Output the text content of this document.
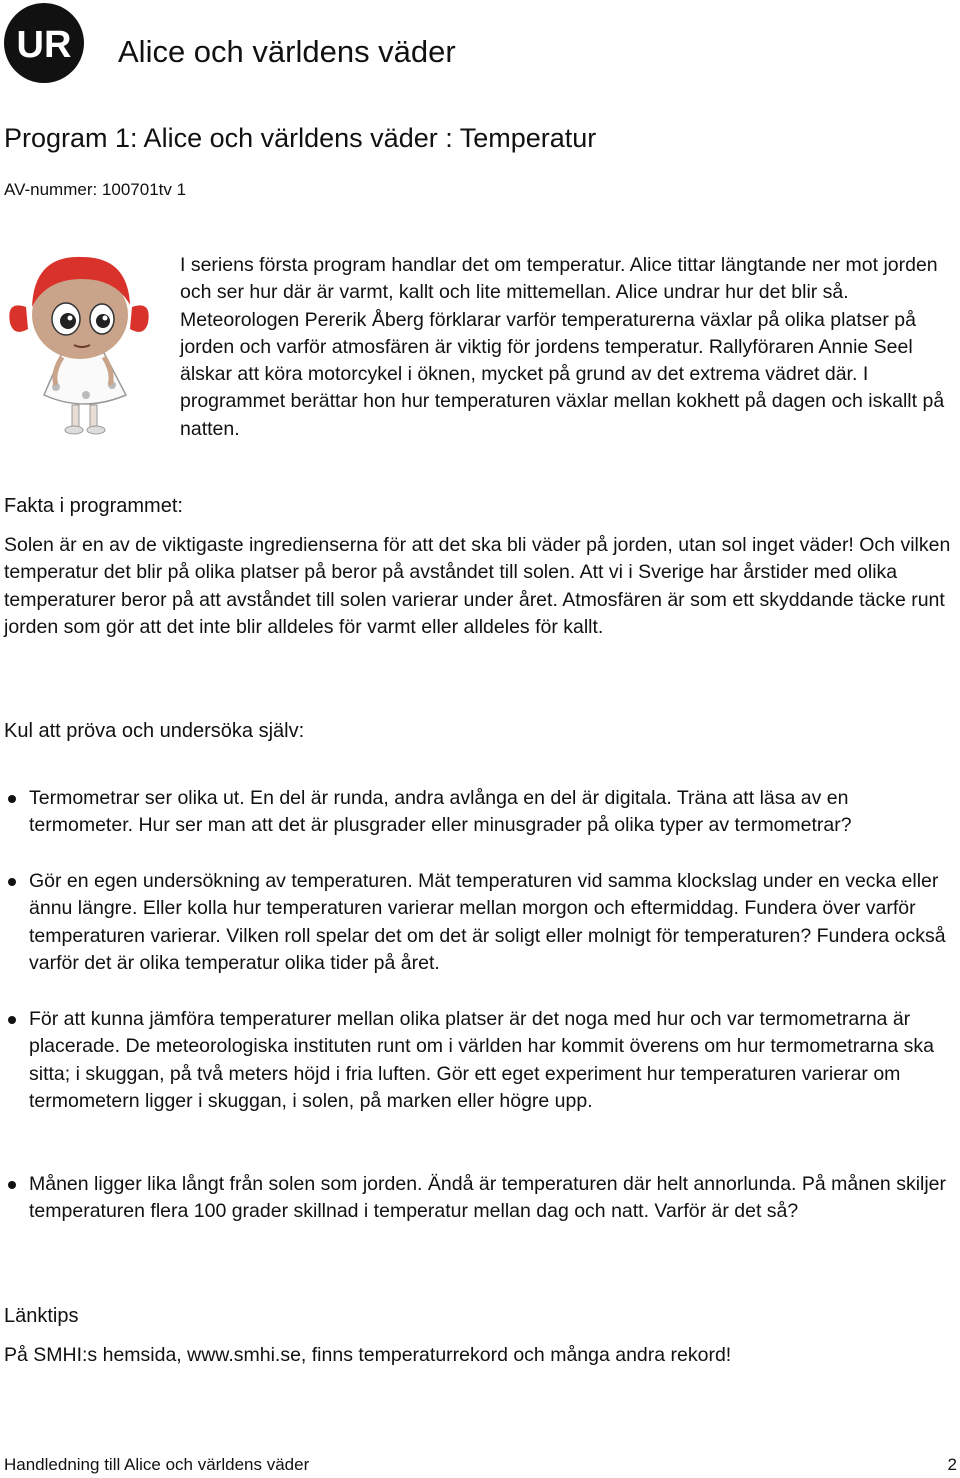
UR Alice och världens väder
Program 1: Alice och världens väder : Temperatur
AV-nummer: 100701tv 1

I seriens första program handlar det om temperatur. Alice tittar längtande ner mot jorden och ser hur där är varmt, kallt och lite mittemellan. Alice undrar hur det blir så. Meteorologen Pererik Åberg förklarar varför temperaturerna växlar på olika platser på jorden och varför atmosfären är viktig för jordens temperatur. Rallyföraren Annie Seel älskar att köra motorcykel i öknen, mycket på grund av det extrema vädret där. I programmet berättar hon hur temperaturen växlar mellan kokhett på dagen och iskallt på natten.

Fakta i programmet:

Solen är en av de viktigaste ingredienserna för att det ska bli väder på jorden, utan sol inget väder! Och vilken temperatur det blir på olika platser på beror på avståndet till solen. Att vi i Sverige har årstider med olika temperaturer beror på att avståndet till solen varierar under året. Atmosfären är som ett skyddande täcke runt jorden som gör att det inte blir alldeles för varmt eller alldeles för kallt.

Kul att pröva och undersöka själv:

Termometrar ser olika ut. En del är runda, andra avlånga en del är digitala. Träna att läsa av en termometer. Hur ser man att det är plusgrader eller minusgrader på olika typer av termometrar?

Gör en egen undersökning av temperaturen. Mät temperaturen vid samma klockslag under en vecka eller ännu längre. Eller kolla hur temperaturen varierar mellan morgon och eftermiddag. Fundera över varför temperaturen varierar. Vilken roll spelar det om det är soligt eller molnigt för temperaturen? Fundera också varför det är olika temperatur olika tider på året.

För att kunna jämföra temperaturer mellan olika platser är det noga med hur och var termometrarna är placerade. De meteorologiska instituten runt om i världen har kommit överens om hur termometrarna ska sitta; i skuggan, på två meters höjd i fria luften. Gör ett eget experiment hur temperaturen varierar om termometern ligger i skuggan, i solen, på marken eller högre upp.

Månen ligger lika långt från solen som jorden. Ändå är temperaturen där helt annorlunda. På månen skiljer temperaturen flera 100 grader skillnad i temperatur mellan dag och natt. Varför är det så?

Länktips

På SMHI:s hemsida, www.smhi.se, finns temperaturrekord och många andra rekord!

Handledning till Alice och världens väder	2
